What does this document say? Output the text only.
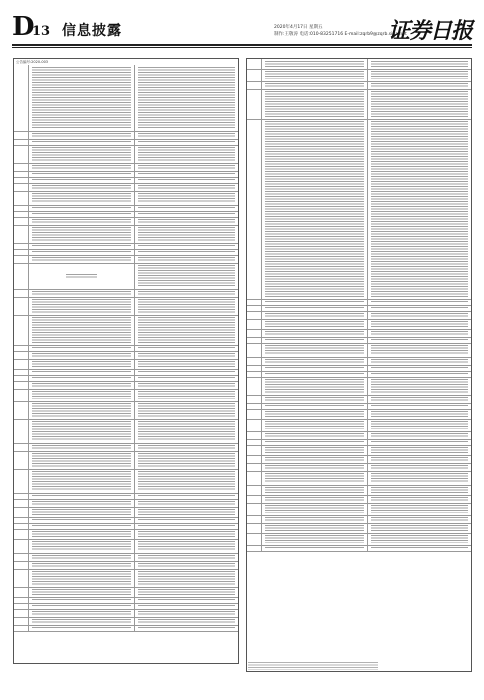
D
13 信息披露	2020年4月17日 星期五
制作:王敬涛 电话:010-83251716 E-mail:zqrb9@zqrb.sina.net
证券日报
公告编号:2020-003
